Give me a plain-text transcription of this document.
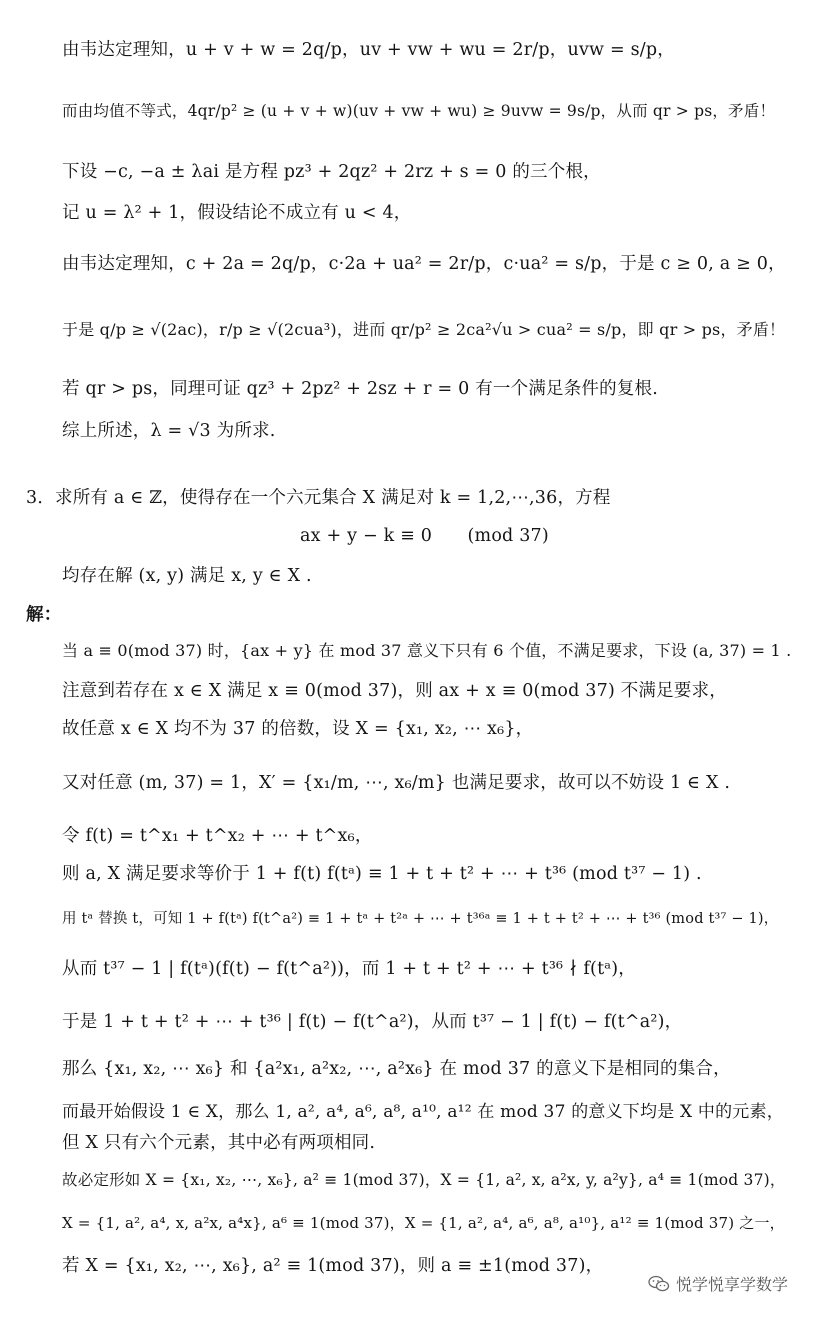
由韦达定理知，u + v + w = 2q/p，uv + vw + wu = 2r/p，uvw = s/p，
而由均值不等式，4qr/p² ≥ (u + v + w)(uv + vw + wu) ≥ 9uvw = 9s/p，从而 qr > ps，矛盾！
下设 −c, −a ± λai 是方程 pz³ + 2qz² + 2rz + s = 0 的三个根，
记 u = λ² + 1，假设结论不成立有 u < 4，
由韦达定理知，c + 2a = 2q/p，c·2a + ua² = 2r/p，c·ua² = s/p，于是 c ≥ 0, a ≥ 0，
于是 q/p ≥ √(2ac)，r/p ≥ √(2cua³)，进而 qr/p² ≥ 2ca²√u > cua² = s/p，即 qr > ps，矛盾！
若 qr > ps，同理可证 qz³ + 2pz² + 2sz + r = 0 有一个满足条件的复根.
综上所述，λ = √3 为所求.
3．求所有 a ∈ ℤ，使得存在一个六元集合 X 满足对 k = 1,2,⋯,36，方程
ax + y − k ≡ 0　　(mod 37)
均存在解 (x, y) 满足 x, y ∈ X .
解：
当 a ≡ 0(mod 37) 时，{ax + y} 在 mod 37 意义下只有 6 个值，不满足要求，下设 (a, 37) = 1 .
注意到若存在 x ∈ X 满足 x ≡ 0(mod 37)，则 ax + x ≡ 0(mod 37) 不满足要求，
故任意 x ∈ X 均不为 37 的倍数，设 X = {x₁, x₂, ⋯ x₆}，
又对任意 (m, 37) = 1，X′ = {x₁/m, ⋯, x₆/m} 也满足要求，故可以不妨设 1 ∈ X .
令 f(t) = t^x₁ + t^x₂ + ⋯ + t^x₆，
则 a, X 满足要求等价于 1 + f(t) f(tᵃ) ≡ 1 + t + t² + ⋯ + t³⁶ (mod t³⁷ − 1) .
用 tᵃ 替换 t，可知 1 + f(tᵃ) f(t^a²) ≡ 1 + tᵃ + t²ᵃ + ⋯ + t³⁶ᵃ ≡ 1 + t + t² + ⋯ + t³⁶ (mod t³⁷ − 1)，
从而 t³⁷ − 1 | f(tᵃ)(f(t) − f(t^a²))，而 1 + t + t² + ⋯ + t³⁶ ∤ f(tᵃ)，
于是 1 + t + t² + ⋯ + t³⁶ | f(t) − f(t^a²)，从而 t³⁷ − 1 | f(t) − f(t^a²)，
那么 {x₁, x₂, ⋯ x₆} 和 {a²x₁, a²x₂, ⋯, a²x₆} 在 mod 37 的意义下是相同的集合，
而最开始假设 1 ∈ X，那么 1, a², a⁴, a⁶, a⁸, a¹⁰, a¹² 在 mod 37 的意义下均是 X 中的元素，
但 X 只有六个元素，其中必有两项相同.
故必定形如 X = {x₁, x₂, ⋯, x₆}, a² ≡ 1(mod 37)，X = {1, a², x, a²x, y, a²y}, a⁴ ≡ 1(mod 37)，
X = {1, a², a⁴, x, a²x, a⁴x}, a⁶ ≡ 1(mod 37)，X = {1, a², a⁴, a⁶, a⁸, a¹⁰}, a¹² ≡ 1(mod 37) 之一，
若 X = {x₁, x₂, ⋯, x₆}, a² ≡ 1(mod 37)，则 a ≡ ±1(mod 37)，
悦学悦享学数学
